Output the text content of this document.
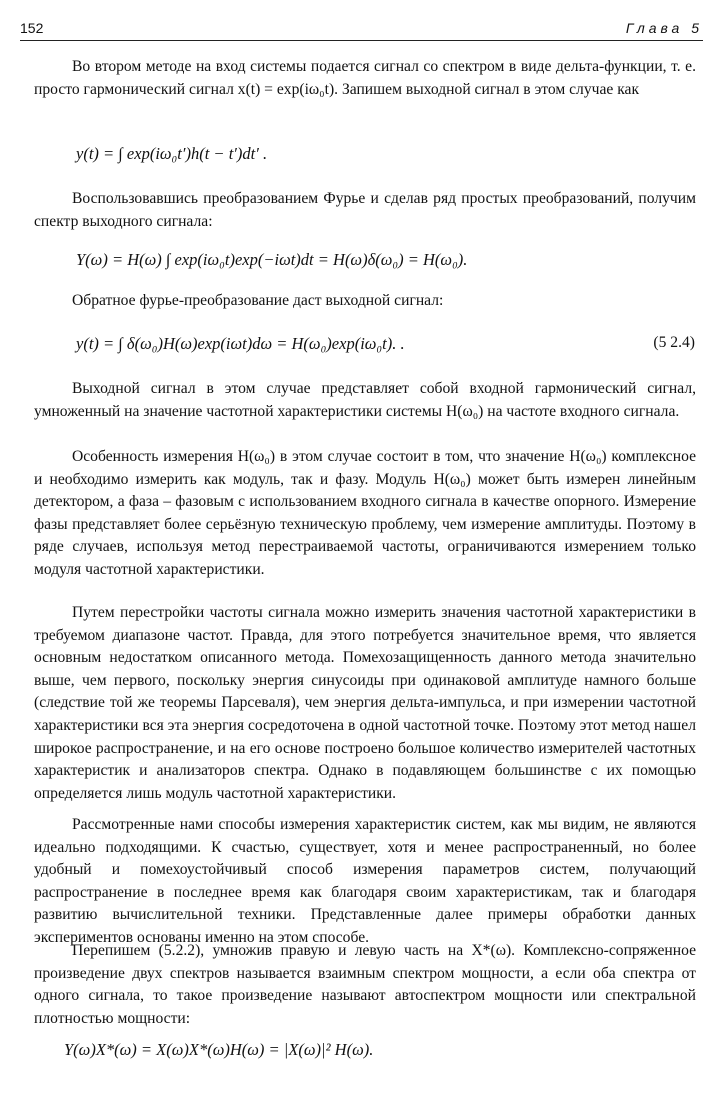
152	Глава 5

Во втором методе на вход системы подается сигнал со спектром в виде дельта-функции, т. е. просто гармонический сигнал x(t) = exp(iω₀t). Запишем выходной сигнал в этом случае как

y(t) = ∫ exp(iω₀t′)h(t − t′)dt′ .

Воспользовавшись преобразованием Фурье и сделав ряд простых преобразований, получим спектр выходного сигнала:

Y(ω) = H(ω) ∫ exp(iω₀t)exp(−iωt)dt = H(ω)δ(ω₀) = H(ω₀).

Обратное фурье-преобразование даст выходной сигнал:

y(t) = ∫ δ(ω₀)H(ω)exp(iωt)dω = H(ω₀)exp(iω₀t). .	(5 2.4)

Выходной сигнал в этом случае представляет собой входной гармонический сигнал, умноженный на значение частотной характеристики системы H(ω₀) на частоте входного сигнала.

Особенность измерения H(ω₀) в этом случае состоит в том, что значение H(ω₀) комплексное и необходимо измерить как модуль, так и фазу. Модуль H(ω₀) может быть измерен линейным детектором, а фаза – фазовым с использованием входного сигнала в качестве опорного. Измерение фазы представляет более серьёзную техническую проблему, чем измерение амплитуды. Поэтому в ряде случаев, используя метод перестраиваемой частоты, ограничиваются измерением только модуля частотной характеристики.

Путем перестройки частоты сигнала можно измерить значения частотной характеристики в требуемом диапазоне частот. Правда, для этого потребуется значительное время, что является основным недостатком описанного метода. Помехозащищенность данного метода значительно выше, чем первого, поскольку энергия синусоиды при одинаковой амплитуде намного больше (следствие той же теоремы Парсеваля), чем энергия дельта-импульса, и при измерении частотной характеристики вся эта энергия сосредоточена в одной частотной точке. Поэтому этот метод нашел широкое распространение, и на его основе построено большое количество измерителей частотных характеристик и анализаторов спектра. Однако в подавляющем большинстве с их помощью определяется лишь модуль частотной характеристики.

Рассмотренные нами способы измерения характеристик систем, как мы видим, не являются идеально подходящими. К счастью, существует, хотя и менее распространенный, но более удобный и помехоустойчивый способ измерения параметров систем, получающий распространение в последнее время как благодаря своим характеристикам, так и благодаря развитию вычислительной техники. Представленные далее примеры обработки данных экспериментов основаны именно на этом способе.

Перепишем (5.2.2), умножив правую и левую часть на X*(ω). Комплексно-сопряженное произведение двух спектров называется взаимным спектром мощности, а если оба спектра от одного сигнала, то такое произведение называют автоспектром мощности или спектральной плотностью мощности:

Y(ω)X*(ω) = X(ω)X*(ω)H(ω) = |X(ω)|² H(ω).
